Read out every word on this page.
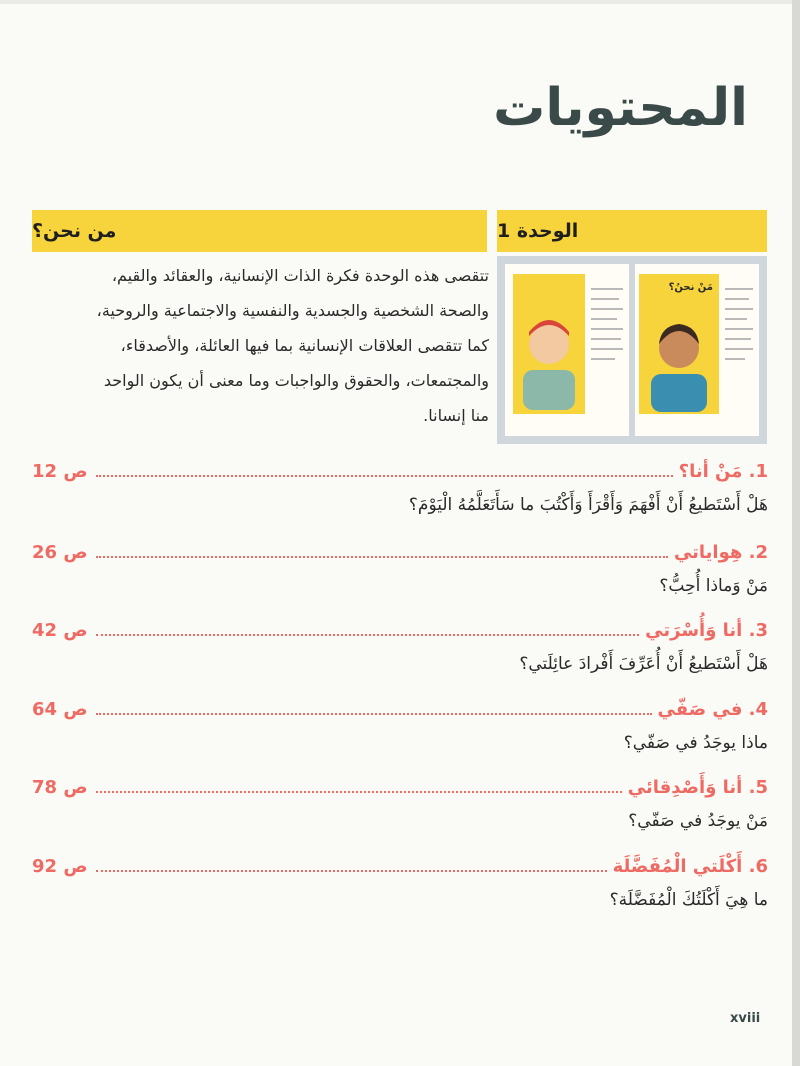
المحتويات
الوحدة 1
من نحن؟
تتقصى هذه الوحدة فكرة الذات الإنسانية، والعقائد والقيم،
والصحة الشخصية والجسدية والنفسية والاجتماعية والروحية،
كما تتقصى العلاقات الإنسانية بما فيها العائلة، والأصدقاء،
والمجتمعات، والحقوق والواجبات وما معنى أن يكون الواحد
منا إنسانا.
مَنْ نحنُ؟
1. مَنْ أنا؟
ص 12
هَلْ أَسْتَطيعُ أَنْ أَفْهَمَ وَأَقْرَأَ وَأَكْتُبَ ما سَأَتَعَلَّمُهُ الْيَوْمَ؟
2. هِواياتي
ص 26
مَنْ وَماذا أُحِبُّ؟
3. أنا وَأُسْرَتي
ص 42
هَلْ أَسْتَطيعُ أَنْ أُعَرِّفَ أَفْرادَ عائِلَتي؟
4. في صَفّي
ص 64
ماذا يوجَدُ في صَفّي؟
5. أنا وَأَصْدِقائي
ص 78
مَنْ يوجَدُ في صَفّي؟
6. أَكْلَتي الْمُفَضَّلَة
ص 92
ما هِيَ أَكْلَتُكَ الْمُفَضَّلَة؟
xviii
